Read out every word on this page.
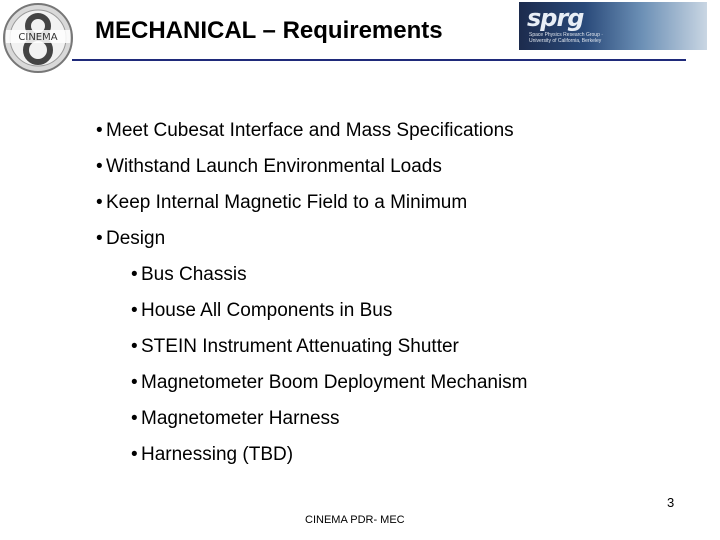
CINEMA MECHANICAL – Requirements	sprg
Space Physics Research Group · University of California, Berkeley
• Meet Cubesat Interface and Mass Specifications
• Withstand Launch Environmental Loads
• Keep Internal Magnetic Field to a Minimum
• Design
• Bus Chassis
• House All Components in Bus
• STEIN Instrument Attenuating Shutter
• Magnetometer Boom Deployment Mechanism
• Magnetometer Harness
• Harnessing (TBD)
3
CINEMA PDR- MEC
